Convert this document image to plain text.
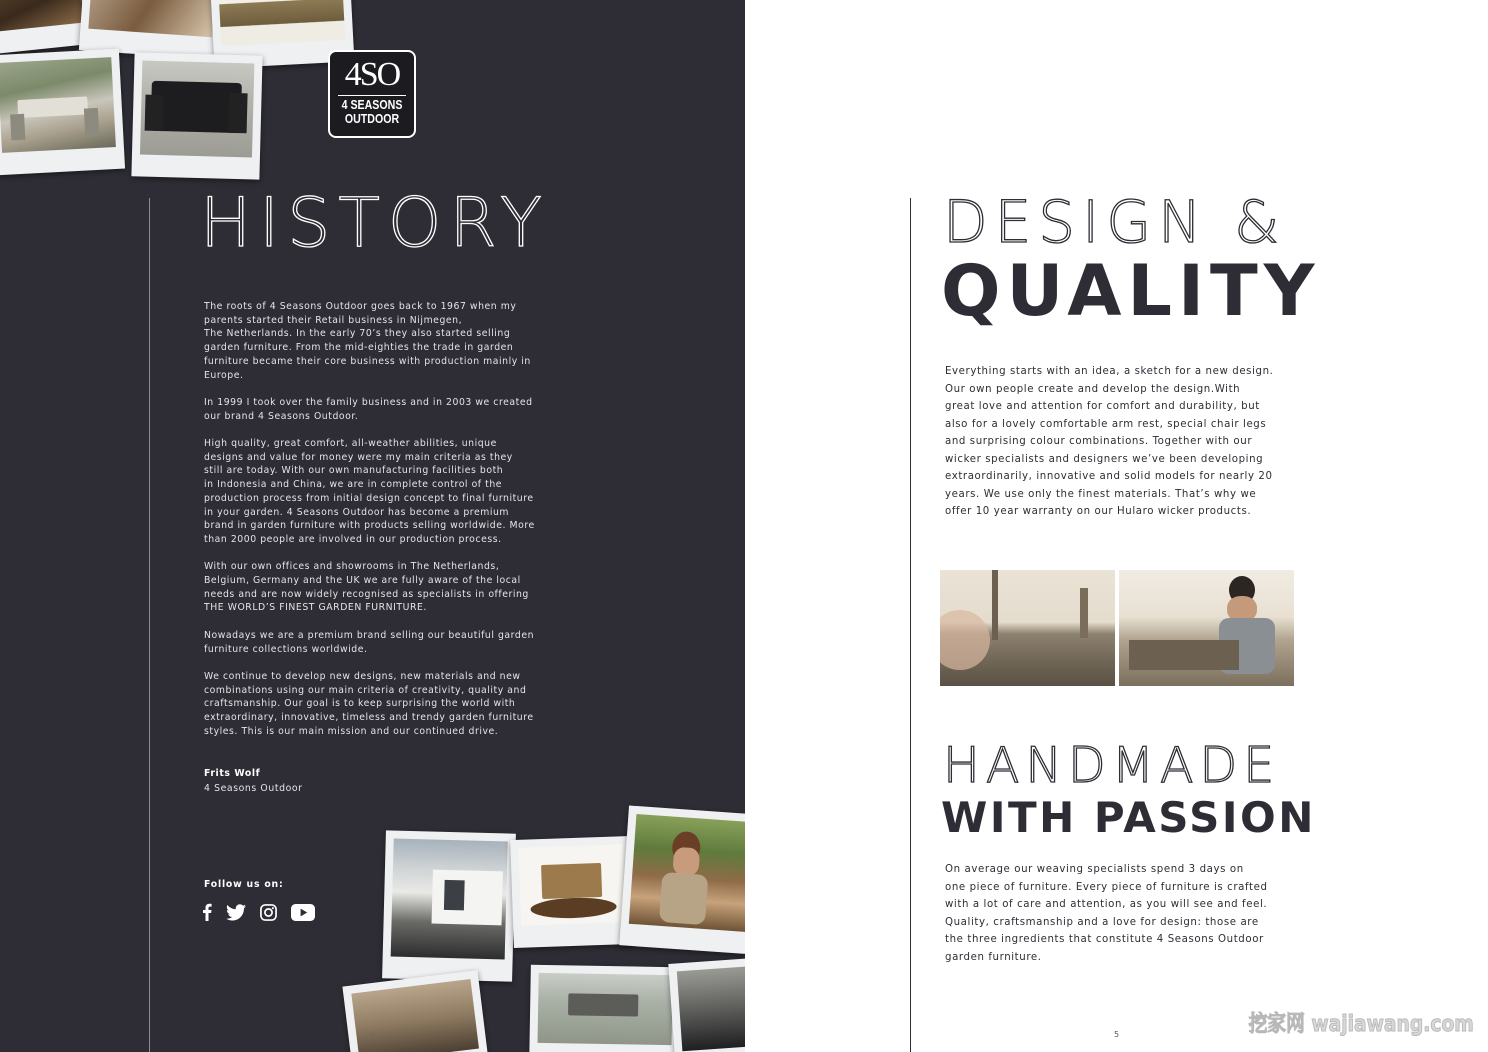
4SO
4 SEASONS
OUTDOOR
HISTORY

The roots of 4 Seasons Outdoor goes back to 1967 when my
parents started their Retail business in Nijmegen,
The Netherlands. In the early 70’s they also started selling
garden furniture. From the mid-eighties the trade in garden
furniture became their core business with production mainly in
Europe.

In 1999 I took over the family business and in 2003 we created
our brand 4 Seasons Outdoor.

High quality, great comfort, all-weather abilities, unique
designs and value for money were my main criteria as they
still are today. With our own manufacturing facilities both
in Indonesia and China, we are in complete control of the
production process from initial design concept to final furniture
in your garden. 4 Seasons Outdoor has become a premium
brand in garden furniture with products selling worldwide. More
than 2000 people are involved in our production process.

With our own offices and showrooms in The Netherlands,
Belgium, Germany and the UK we are fully aware of the local
needs and are now widely recognised as specialists in offering
THE WORLD’S FINEST GARDEN FURNITURE.

Nowadays we are a premium brand selling our beautiful garden
furniture collections worldwide.

We continue to develop new designs, new materials and new
combinations using our main criteria of creativity, quality and
craftsmanship. Our goal is to keep surprising the world with
extraordinary, innovative, timeless and trendy garden furniture
styles. This is our main mission and our continued drive.

Frits Wolf
4 Seasons Outdoor
Follow us on:
4
DESIGN &
QUALITY
Everything starts with an idea, a sketch for a new design.
Our own people create and develop the design.With
great love and attention for comfort and durability, but
also for a lovely comfortable arm rest, special chair legs
and surprising colour combinations. Together with our
wicker specialists and designers we’ve been developing
extraordinarily, innovative and solid models for nearly 20
years. We use only the finest materials. That’s why we
offer 10 year warranty on our Hularo wicker products.
HANDMADE
WITH PASSION
On average our weaving specialists spend 3 days on
one piece of furniture. Every piece of furniture is crafted
with a lot of care and attention, as you will see and feel.
Quality, craftsmanship and a love for design: those are
the three ingredients that constitute 4 Seasons Outdoor
garden furniture.
5	挖家网 wajiawang.com
